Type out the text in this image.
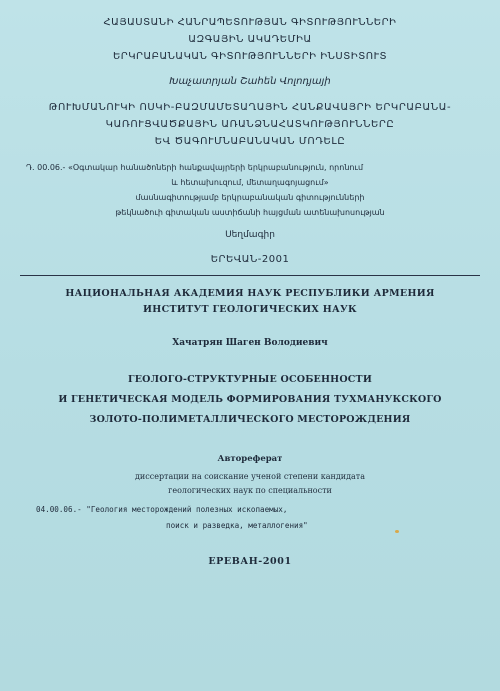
ՀԱՅԱՍՏԱՆԻ ՀԱՆՐԱՊԵՏՈՒԹՅԱՆ ԳԻՏՈՒԹՅՈՒՆՆԵՐԻ
ԱԶԳԱՅԻՆ ԱԿԱԴԵՄԻԱ
ԵՐԿՐԱԲԱՆԱԿԱՆ ԳԻՏՈՒԹՅՈՒՆՆԵՐԻ ԻՆՍՏԻՏՈՒՏ
Խաչատրյան Շահեն Վոլոդյայի
ԹՈՒԽՄԱՆՈՒԿԻ ՈՍԿԻ-ԲԱԶՄԱՄԵՏԱՂԱՅԻՆ ՀԱՆՔԱՎԱՅՐԻ ԵՐԿՐԱԲԱՆԱ-
ԿԱՌՈՒՑՎԱԾՔԱՅԻՆ ԱՌԱՆՁՆԱՀԱՏԿՈՒԹՅՈՒՆՆԵՐԸ
ԵՎ ԾԱԳՈՒՄՆԱԲԱՆԱԿԱՆ ՄՈԴԵԼԸ
Դ. 00.06.- «Օգտակար հանածոների հանքավայրերի երկրաբանություն, որոնում
և հետախուզում, մետաղագոյացում»
մասնագիտությամբ երկրաբանական գիտությունների
թեկնածուի գիտական աստիճանի հայցման ատենախոսության
Սեղմագիր
ԵՐԵՎԱՆ-2001
НАЦИОНАЛЬНАЯ АКАДЕМИЯ НАУК РЕСПУБЛИКИ АРМЕНИЯ
ИНСТИТУТ ГЕОЛОГИЧЕСКИХ НАУК
Хачатрян Шаген Володиевич
ГЕОЛОГО-СТРУКТУРНЫЕ ОСОБЕННОСТИ
И ГЕНЕТИЧЕСКАЯ МОДЕЛЬ ФОРМИРОВАНИЯ ТУХМАНУКСКОГО
ЗОЛОТО-ПОЛИМЕТАЛЛИЧЕСКОГО МЕСТОРОЖДЕНИЯ
Автореферат
диссертации на соискание ученой степени кандидата
геологических наук по специальности
04.00.06.- "Геология месторождений полезных ископаемых,
поиск и разведка, металлогения"
ЕРЕВАН-2001
